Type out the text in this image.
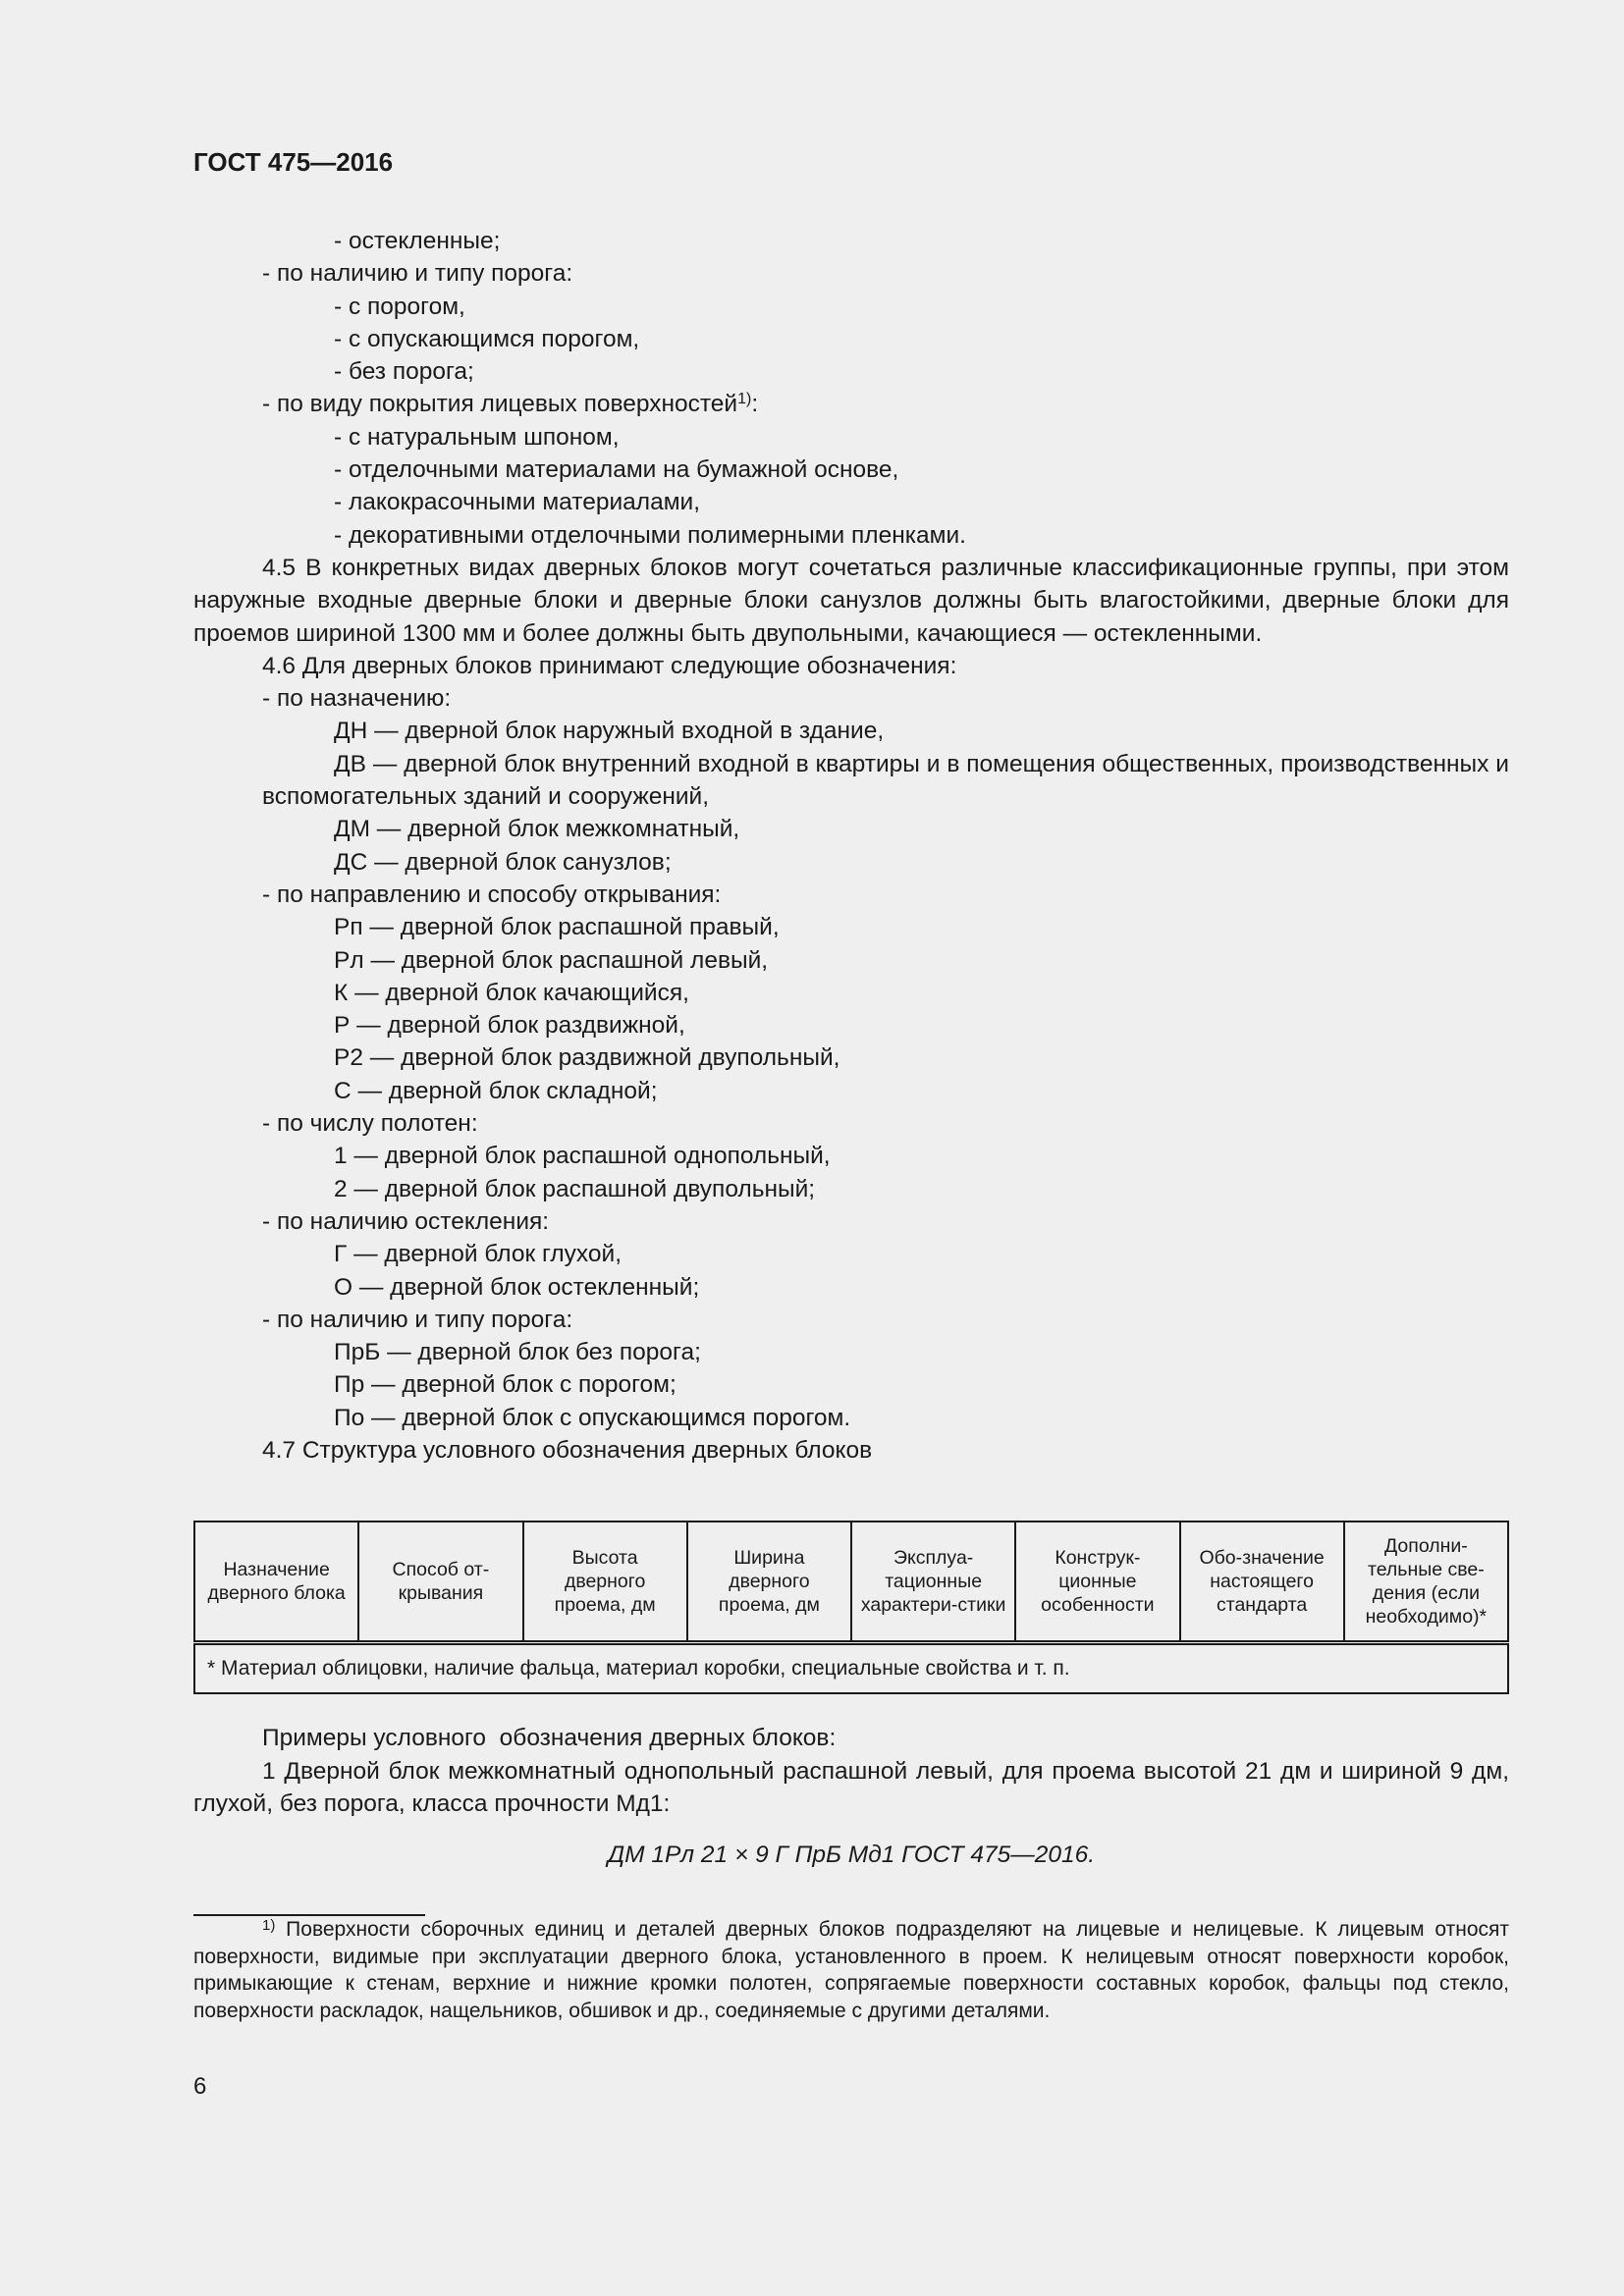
ГОСТ 475—2016

- остекленные;

- по наличию и типу порога:

- с порогом,

- с опускающимся порогом,

- без порога;

- по виду покрытия лицевых поверхностей$^{1)}$:

- с натуральным шпоном,

- отделочными материалами на бумажной основе,

- лакокрасочными материалами,

- декоративными отделочными полимерными пленками.

4.5 В конкретных видах дверных блоков могут сочетаться различные классификационные группы, при этом наружные входные дверные блоки и дверные блоки санузлов должны быть влагостойкими, дверные блоки для проемов шириной 1300 мм и более должны быть двупольными, качающиеся — остекленными.

4.6 Для дверных блоков принимают следующие обозначения:

- по назначению:

ДН — дверной блок наружный входной в здание,

ДВ — дверной блок внутренний входной в квартиры и в помещения общественных, производственных и вспомогательных зданий и сооружений,

ДМ — дверной блок межкомнатный,

ДС — дверной блок санузлов;

- по направлению и способу открывания:

Рп — дверной блок распашной правый,

Рл — дверной блок распашной левый,

К — дверной блок качающийся,

Р — дверной блок раздвижной,

Р2 — дверной блок раздвижной двупольный,

С — дверной блок складной;

- по числу полотен:

1 — дверной блок распашной однопольный,

2 — дверной блок распашной двупольный;

- по наличию остекления:

Г — дверной блок глухой,

О — дверной блок остекленный;

- по наличию и типу порога:

ПрБ — дверной блок без порога;

Пр — дверной блок с порогом;

По — дверной блок с опускающимся порогом.

4.7 Структура условного обозначения дверных блоков

Назначение дверного блока	Способ от-крывания	Высота дверного проема, дм	Ширина дверного проема, дм	Эксплуа-тационные характери-стики	Конструк-ционные особенности	Обо-значение настоящего стандарта	Дополни-тельные све-дения (если необходимо)*
* Материал облицовки, наличие фальца, материал коробки, специальные свойства и т. п.

Примеры условного  обозначения дверных блоков:

1 Дверной блок межкомнатный однопольный распашной левый, для проема высотой 21 дм и шириной 9 дм, глухой, без порога, класса прочности Мд1:

ДМ 1Рл 21 × 9 Г ПрБ Мд1 ГОСТ 475—2016.

$^{1)}$ Поверхности сборочных единиц и деталей дверных блоков подразделяют на лицевые и нелицевые. К лицевым относят поверхности, видимые при эксплуатации дверного блока, установленного в проем. К нелицевым относят поверхности коробок, примыкающие к стенам, верхние и нижние кромки полотен, сопрягаемые поверхности составных коробок, фальцы под стекло, поверхности раскладок, нащельников, обшивок и др., соединяемые с другими деталями.

6
